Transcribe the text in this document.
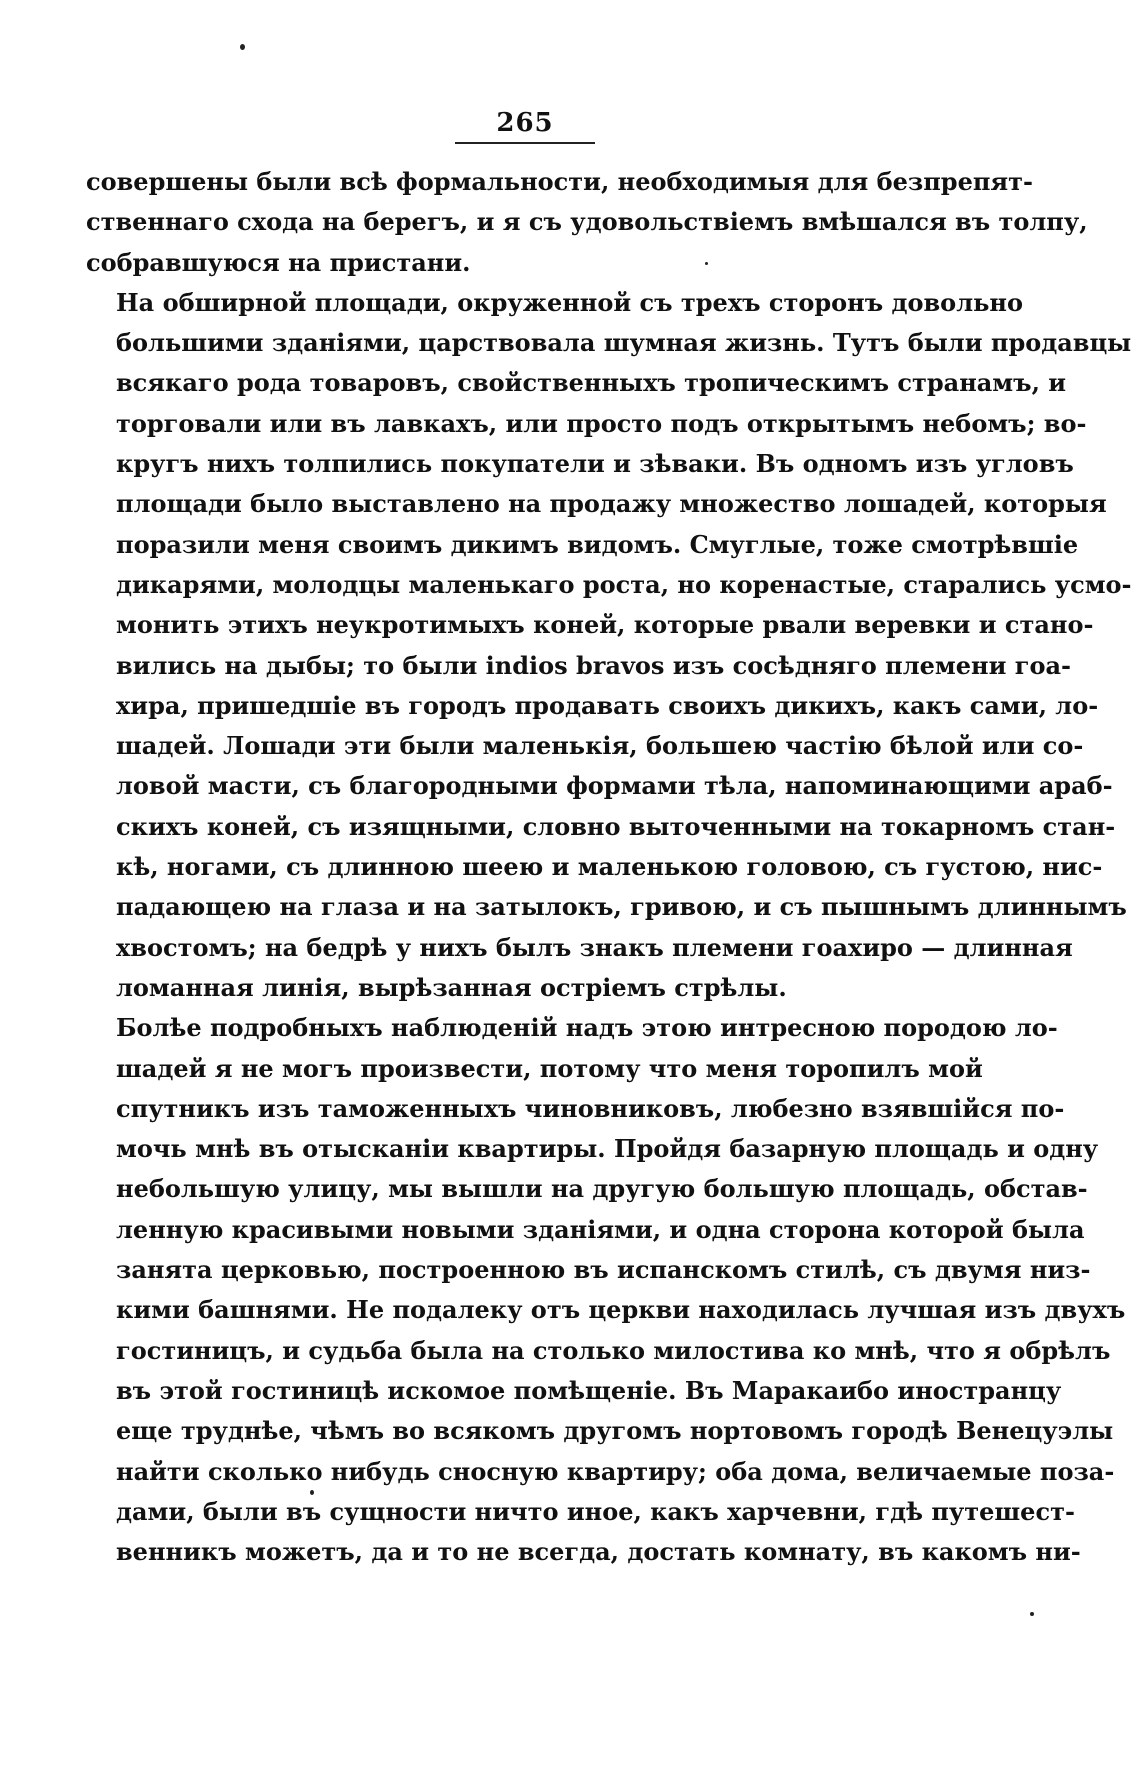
265

совершены были всѣ формальности, необходимыя для безпрепят-
ственнаго схода на берегъ, и я съ удовольствіемъ вмѣшался въ толпу,
собравшуюся на пристани.

На обширной площади, окруженной съ трехъ сторонъ довольно
большими зданіями, царствовала шумная жизнь. Тутъ были продавцы
всякаго рода товаровъ, свойственныхъ тропическимъ странамъ, и
торговали или въ лавкахъ, или просто подъ открытымъ небомъ; во-
кругъ нихъ толпились покупатели и зѣваки. Въ одномъ изъ угловъ
площади было выставлено на продажу множество лошадей, которыя
поразили меня своимъ дикимъ видомъ. Смуглые, тоже смотрѣвшіе
дикарями, молодцы маленькаго роста, но коренастые, старались усмо-
монить этихъ неукротимыхъ коней, которые рвали веревки и стано-
вились на дыбы; то были indios bravos изъ сосѣдняго племени гоа-
хира, пришедшіе въ городъ продавать своихъ дикихъ, какъ сами, ло-
шадей. Лошади эти были маленькія, большею частію бѣлой или со-
ловой масти, съ благородными формами тѣла, напоминающими араб-
скихъ коней, съ изящными, словно выточенными на токарномъ стан-
кѣ, ногами, съ длинною шеею и маленькою головою, съ густою, нис-
падающею на глаза и на затылокъ, гривою, и съ пышнымъ длиннымъ
хвостомъ; на бедрѣ у нихъ былъ знакъ племени гоахиро — длинная
ломанная линія, вырѣзанная остріемъ стрѣлы.

Болѣе подробныхъ наблюденій надъ этою интресною породою ло-
шадей я не могъ произвести, потому что меня торопилъ мой
спутникъ изъ таможенныхъ чиновниковъ, любезно взявшійся по-
мочь мнѣ въ отысканіи квартиры. Пройдя базарную площадь и одну
небольшую улицу, мы вышли на другую большую площадь, обстав-
ленную красивыми новыми зданіями, и одна сторона которой была
занята церковью, построенною въ испанскомъ стилѣ, съ двумя низ-
кими башнями. Не подалеку отъ церкви находилась лучшая изъ двухъ
гостиницъ, и судьба была на столько милостива ко мнѣ, что я обрѣлъ
въ этой гостиницѣ искомое помѣщеніе. Въ Маракаибо иностранцу
еще труднѣе, чѣмъ во всякомъ другомъ нортовомъ городѣ Венецуэлы
найти сколько нибудь сносную квартиру; оба дома, величаемые поза-
дами, были въ сущности ничто иное, какъ харчевни, гдѣ путешест-
венникъ можетъ, да и то не всегда, достать комнату, въ какомъ ни-
